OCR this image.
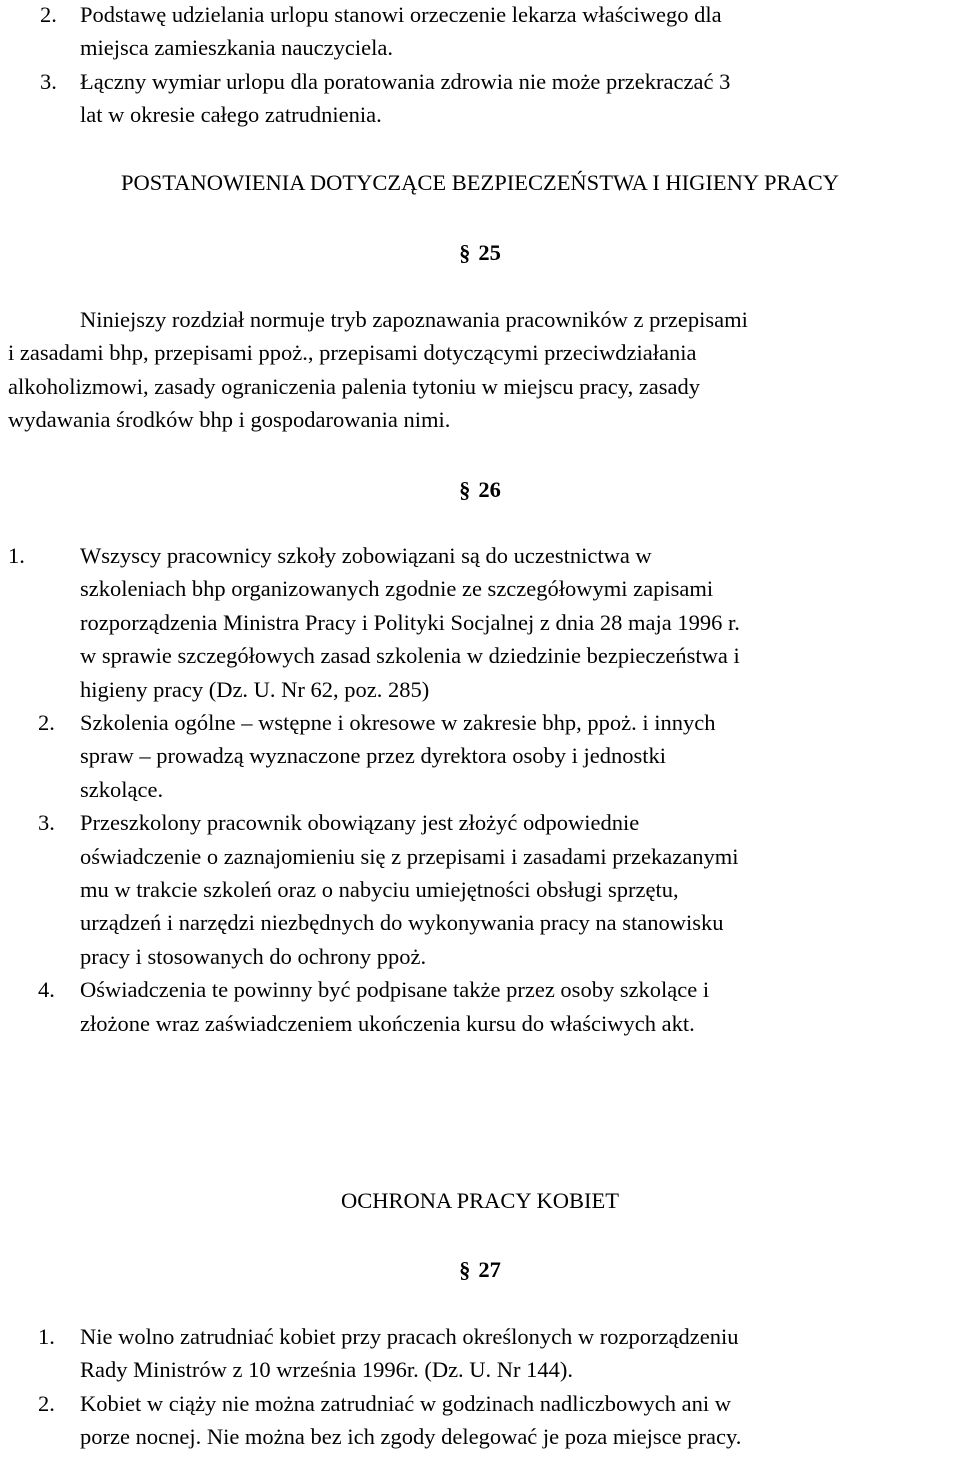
2. Podstawę udzielania urlopu stanowi orzeczenie lekarza właściwego dla
miejsca zamieszkania nauczyciela.
3. Łączny wymiar urlopu dla poratowania zdrowia nie może przekraczać 3
lat w okresie całego zatrudnienia.
POSTANOWIENIA DOTYCZĄCE BEZPIECZEŃSTWA I HIGIENY PRACY
§ 25
Niniejszy rozdział normuje tryb zapoznawania pracowników z przepisami
i zasadami bhp, przepisami ppoż., przepisami dotyczącymi przeciwdziałania
alkoholizmowi, zasady ograniczenia palenia tytoniu w miejscu pracy, zasady
wydawania środków bhp i gospodarowania nimi.
§ 26
1. Wszyscy pracownicy szkoły zobowiązani są do uczestnictwa w
szkoleniach bhp organizowanych zgodnie ze szczegółowymi zapisami
rozporządzenia Ministra Pracy i Polityki Socjalnej z dnia 28 maja 1996 r.
w sprawie szczegółowych zasad szkolenia w dziedzinie bezpieczeństwa i
higieny pracy (Dz. U. Nr 62, poz. 285)
2. Szkolenia ogólne – wstępne i okresowe w zakresie bhp, ppoż. i innych
spraw – prowadzą wyznaczone przez dyrektora osoby i jednostki
szkolące.
3. Przeszkolony pracownik obowiązany jest złożyć odpowiednie
oświadczenie o zaznajomieniu się z przepisami i zasadami przekazanymi
mu w trakcie szkoleń oraz o nabyciu umiejętności obsługi sprzętu,
urządzeń i narzędzi niezbędnych do wykonywania pracy na stanowisku
pracy i stosowanych do ochrony ppoż.
4. Oświadczenia te powinny być podpisane także przez osoby szkolące i
złożone wraz zaświadczeniem ukończenia kursu do właściwych akt.
OCHRONA PRACY KOBIET
§ 27
1. Nie wolno zatrudniać kobiet przy pracach określonych w rozporządzeniu
Rady Ministrów z 10 września 1996r. (Dz. U. Nr 144).
2. Kobiet w ciąży nie można zatrudniać w godzinach nadliczbowych ani w
porze nocnej. Nie można bez ich zgody delegować je poza miejsce pracy.
